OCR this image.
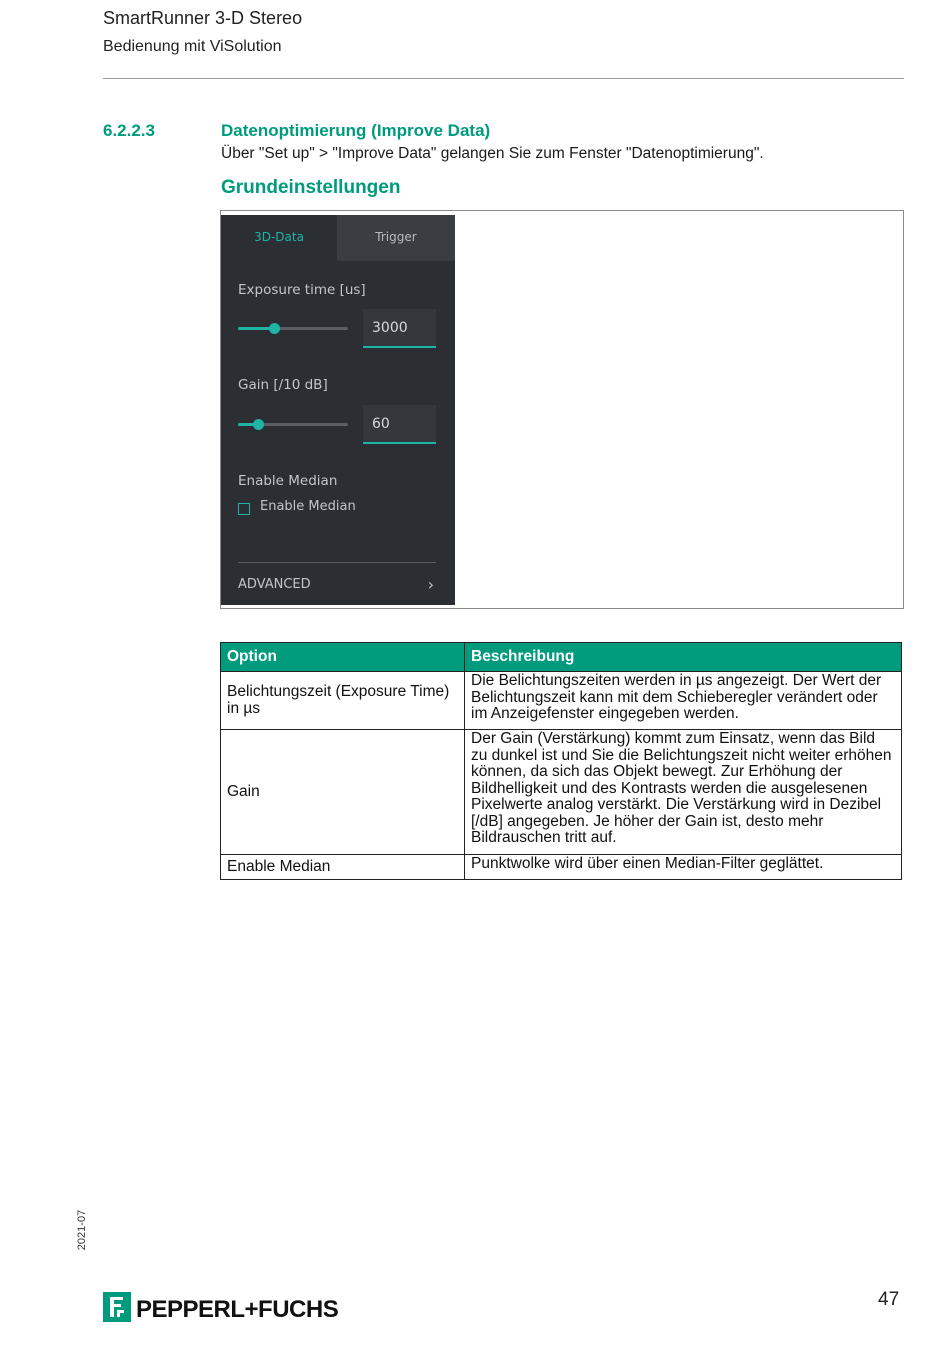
SmartRunner 3-D Stereo
Bedienung mit ViSolution
6.2.2.3	Datenoptimierung (Improve Data)
Über "Set up" > "Improve Data" gelangen Sie zum Fenster "Datenoptimierung".
Grundeinstellungen
3D-Data	Trigger
Exposure time [us]
3000
Gain [/10 dB]
60
Enable Median
Enable Median
ADVANCED	›
Option	Beschreibung
Belichtungszeit (Exposure Time) in µs	Die Belichtungszeiten werden in µs angezeigt. Der Wert der Belichtungszeit kann mit dem Schieberegler verändert oder im Anzeigefenster eingegeben werden.
Gain	Der Gain (Verstärkung) kommt zum Einsatz, wenn das Bild zu dunkel ist und Sie die Belichtungszeit nicht weiter erhöhen können, da sich das Objekt bewegt. Zur Erhöhung der Bildhelligkeit und des Kontrasts werden die ausgelesenen Pixelwerte analog verstärkt. Die Verstärkung wird in Dezibel [/dB] angegeben. Je höher der Gain ist, desto mehr Bildrauschen tritt auf.
Enable Median	Punktwolke wird über einen Median-Filter geglättet.
2021-07
PEPPERL+FUCHS	47
